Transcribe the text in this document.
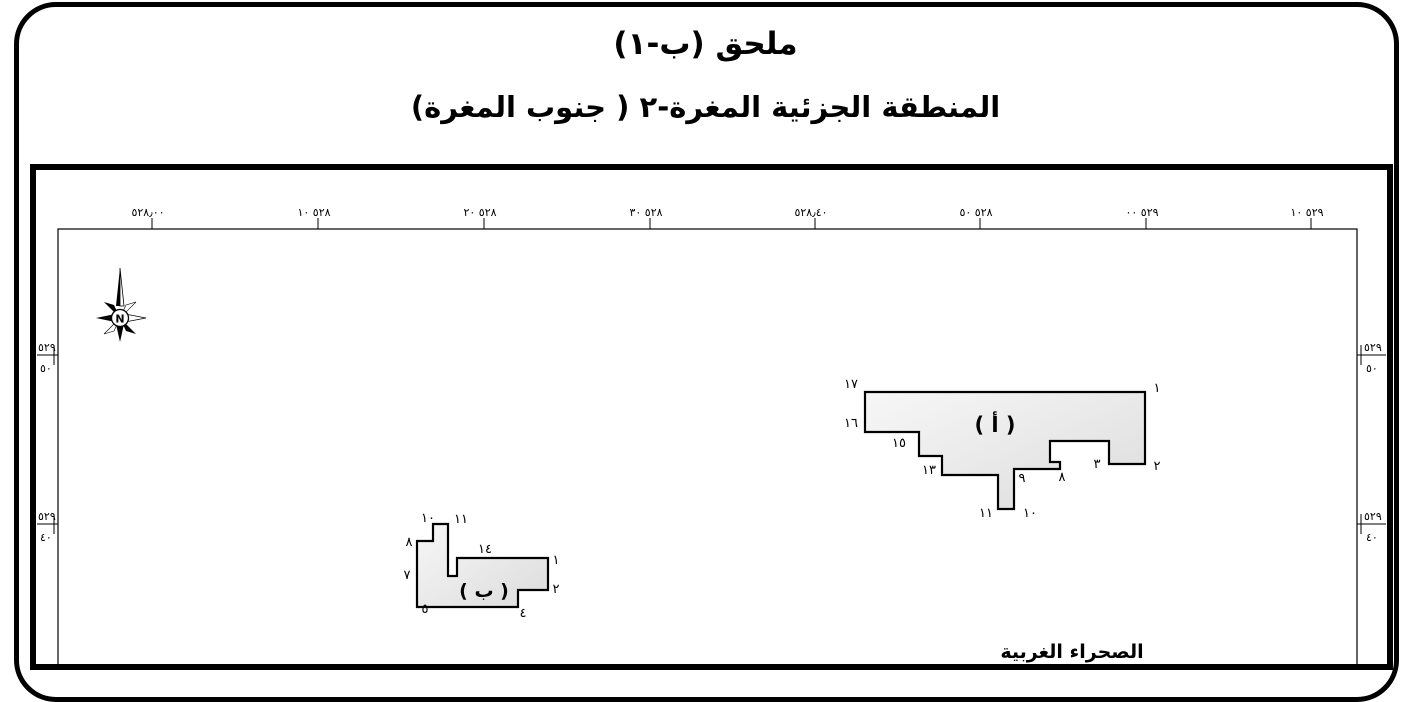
ملحق (ب-١)
المنطقة الجزئية المغرة-٢ ( جنوب المغرة)
٥٢٨٫٠٠	٥٢٨ ١٠	٥٢٨ ٢٠	٥٢٨ ٣٠	٥٢٨٫٤٠	٥٢٨ ٥٠	٥٢٩ ٠٠	٥٢٩ ١٠
٥٢٩
٥٠
٥٢٩
٤٠
٥٢٩
٥٠
٥٢٩
٤٠
N
( أ )
١
٢
٣
٨
٩
١٠
١١
١٣
١٥
١٦
١٧
( ب )
١
٢
٤
٥
٧
٨
١٠ ١١
١٤
الصحراء الغربية
